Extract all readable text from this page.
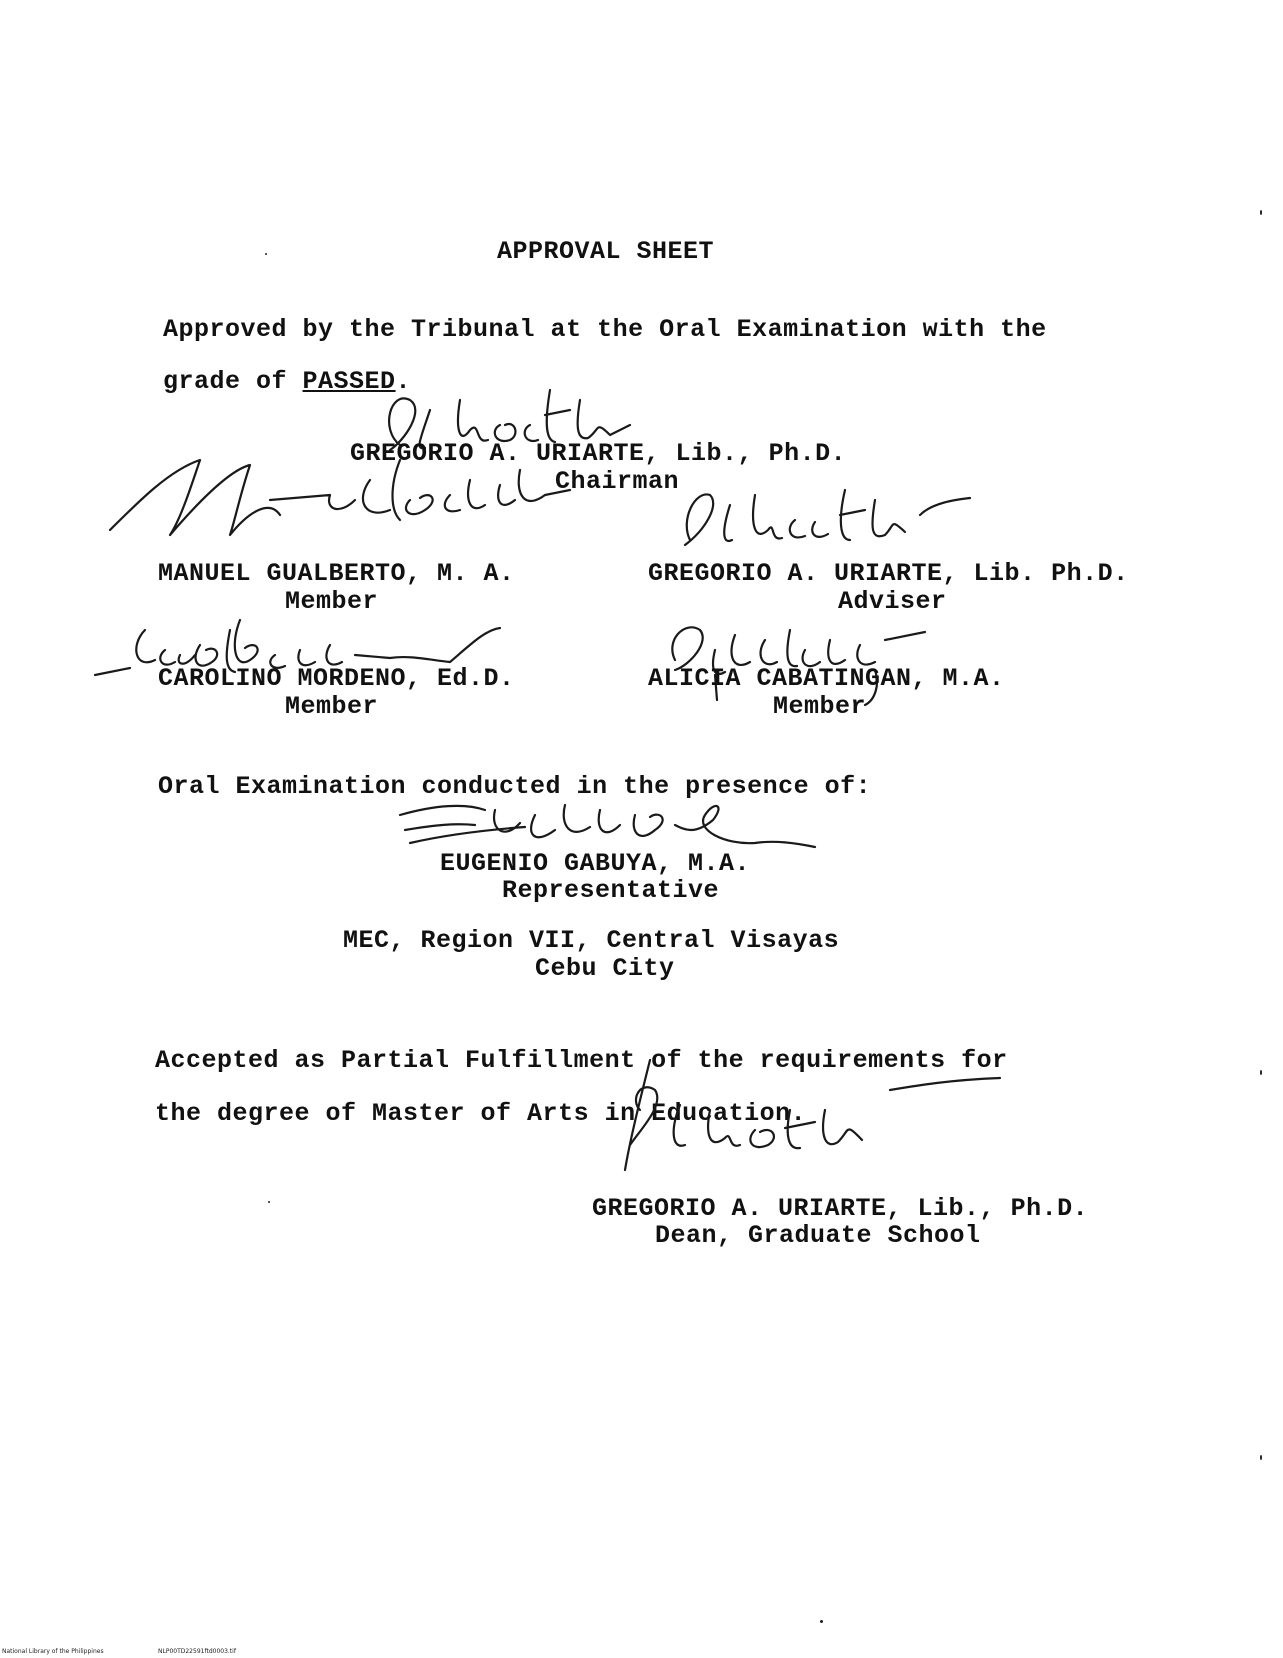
APPROVAL SHEET
Approved by the Tribunal at the Oral Examination with the
grade of PASSED.
GREGORIO A. URIARTE, Lib., Ph.D.
Chairman
MANUEL GUALBERTO, M. A.
Member
GREGORIO A. URIARTE, Lib. Ph.D.
Adviser
CAROLINO MORDENO, Ed.D.
Member
ALICIA CABATINGAN, M.A.
Member
Oral Examination conducted in the presence of:
EUGENIO GABUYA, M.A.
Representative
MEC, Region VII, Central Visayas
Cebu City
Accepted as Partial Fulfillment of the requirements for
the degree of Master of Arts in Education.
GREGORIO A. URIARTE, Lib., Ph.D.
Dean, Graduate School
National Library of the Philippines	NLP00TD22591ftd0003.tif
